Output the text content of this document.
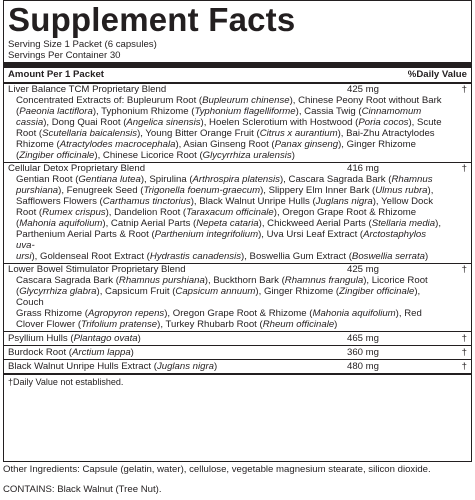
Supplement Facts
Serving Size 1 Packet (6 capsules)
Servings Per Container 30
Amount Per 1 Packet	%Daily Value
Liver Balance TCM Proprietary Blend	425 mg	†
Concentrated Extracts of: Bupleurum Root (Bupleurum chinense), Chinese Peony Root without Bark
(Paeonia lactiflora), Typhonium Rhizome (Typhonium flagelliforme), Cassia Twig (Cinnamomum
cassia), Dong Quai Root (Angelica sinensis), Hoelen Sclerotium with Hostwood (Poria cocos), Scute
Root (Scutellaria baicalensis), Young Bitter Orange Fruit (Citrus x aurantium), Bai-Zhu Atractylodes
Rhizome (Atractylodes macrocephala), Asian Ginseng Root (Panax ginseng), Ginger Rhizome
(Zingiber officinale), Chinese Licorice Root (Glycyrrhiza uralensis)
Cellular Detox Proprietary Blend	416 mg	†
Gentian Root (Gentiana lutea), Spirulina (Arthrospira platensis), Cascara Sagrada Bark (Rhamnus
purshiana), Fenugreek Seed (Trigonella foenum-graecum), Slippery Elm Inner Bark (Ulmus rubra),
Safflowers Flowers (Carthamus tinctorius), Black Walnut Unripe Hulls (Juglans nigra), Yellow Dock
Root (Rumex crispus), Dandelion Root (Taraxacum officinale), Oregon Grape Root & Rhizome
(Mahonia aquifolium), Catnip Aerial Parts (Nepeta cataria), Chickweed Aerial Parts (Stellaria media),
Parthenium Aerial Parts & Root (Parthenium integrifolium), Uva Ursi Leaf Extract (Arctostaphylos uva-
ursi), Goldenseal Root Extract (Hydrastis canadensis), Boswellia Gum Extract (Boswellia serrata)
Lower Bowel Stimulator Proprietary Blend	425 mg	†
Cascara Sagrada Bark (Rhamnus purshiana), Buckthorn Bark (Rhamnus frangula), Licorice Root
(Glycyrrhiza glabra), Capsicum Fruit (Capsicum annuum), Ginger Rhizome (Zingiber officinale), Couch
Grass Rhizome (Agropyron repens), Oregon Grape Root & Rhizome (Mahonia aquifolium), Red
Clover Flower (Trifolium pratense), Turkey Rhubarb Root (Rheum officinale)
Psyllium Hulls (Plantago ovata)	465 mg	†
Burdock Root (Arctium lappa)	360 mg	†
Black Walnut Unripe Hulls Extract (Juglans nigra)	480 mg	†
†Daily Value not established.
Other Ingredients: Capsule (gelatin, water), cellulose, vegetable magnesium stearate, silicon dioxide.
CONTAINS: Black Walnut (Tree Nut).
